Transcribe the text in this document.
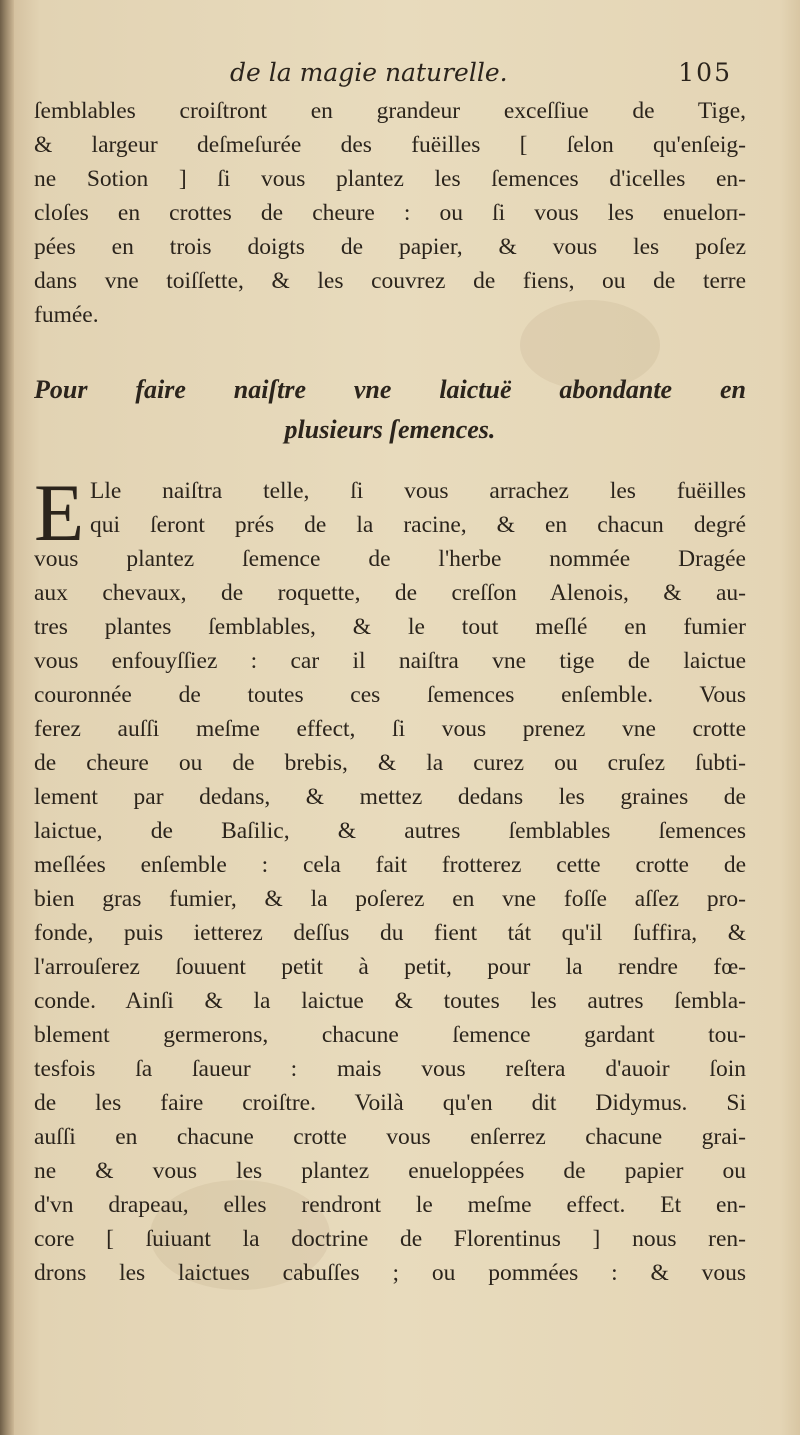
de la magie naturelle.	105
ſemblables croiſtront en grandeur exceſſiue de Tige,
& largeur deſmeſurée des fuëilles [ ſelon qu'enſeig-
ne Sotion ] ſi vous plantez les ſemences d'icelles en-
cloſes en crottes de cheure : ou ſi vous les enueloп-
pées en trois doigts de papier, & vous les poſez
dans vne toiſſette, & les couvrez de fiens, ou de terre
fumée.
Pour faire naiſtre vne laictuë abondante en
plusieurs ſemences.
E Lle naiſtra telle, ſi vous arrachez les fuëilles
qui ſeront prés de la racine, & en chacun degré
vous plantez ſemence de l'herbe nommée Dragée
aux chevaux, de roquette, de creſſon Alenois, & au-
tres plantes ſemblables, & le tout meſlé en fumier
vous enfouyſſiez : car il naiſtra vne tige de laictue
couronnée de toutes ces ſemences enſemble. Vous
ferez auſſi meſme effect, ſi vous prenez vne crotte
de cheure ou de brebis, & la curez ou cruſez ſubti-
lement par dedans, & mettez dedans les graines de
laictue, de Baſilic, & autres ſemblables ſemences
meſlées enſemble : cela fait frotterez cette crotte de
bien gras fumier, & la poſerez en vne foſſe aſſez pro-
fonde, puis ietterez deſſus du fient tát qu'il ſuffira, &
l'arrouſerez ſouuent petit à petit, pour la rendre fœ-
conde. Ainſi & la laictue & toutes les autres ſembla-
blement germerons, chacune ſemence gardant tou-
tesfois ſa ſaueur : mais vous reſtera d'auoir ſoin
de les faire croiſtre. Voilà qu'en dit Didymus. Si
auſſi en chacune crotte vous enſerrez chacune grai-
ne & vous les plantez enueloppées de papier ou
d'vn drapeau, elles rendront le meſme effect. Et en-
core [ ſuiuant la doctrine de Florentinus ] nous ren-
drons les laictues cabuſſes ; ou pommées : & vous
